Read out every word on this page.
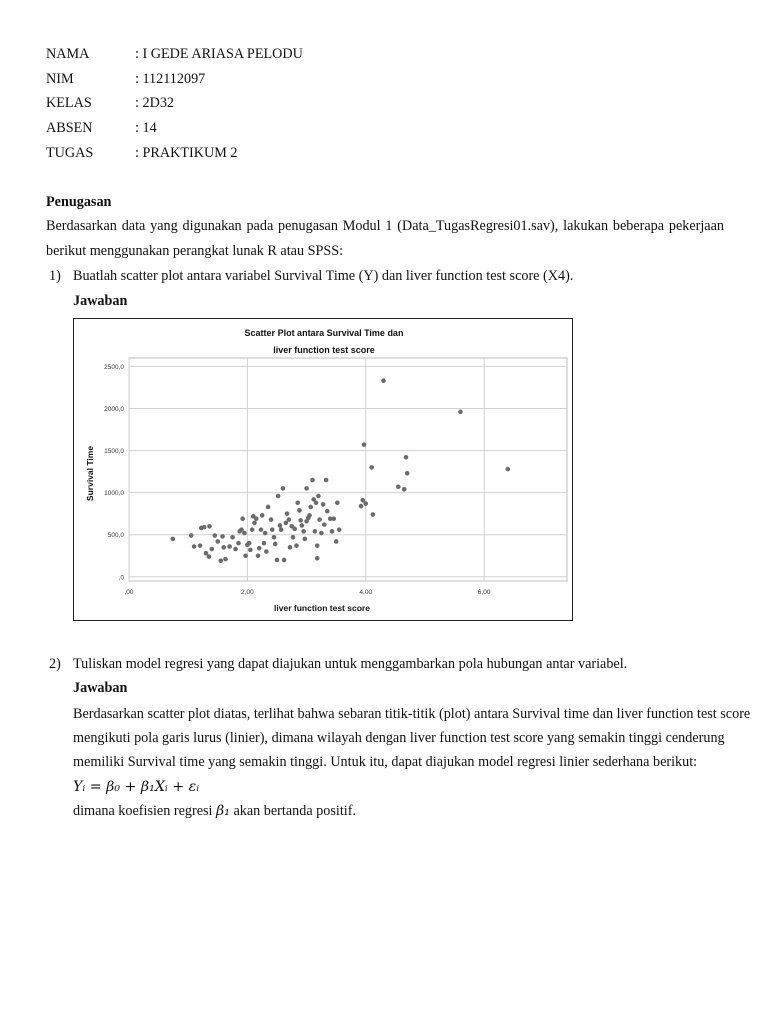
NAMA	: I GEDE ARIASA PELODU
NIM	: 112112097
KELAS	: 2D32
ABSEN	: 14
TUGAS	: PRAKTIKUM 2
Penugasan
Berdasarkan data yang digunakan pada penugasan Modul 1 (Data_TugasRegresi01.sav), lakukan beberapa pekerjaan
berikut menggunakan perangkat lunak R atau SPSS:
1) Buatlah scatter plot antara variabel Survival Time (Y) dan liver function test score (X4).
Jawaban
,00	2,00	4,00	6,00
,0
500,0
1000,0
1500,0
2000,0
2500,0
Scatter Plot antara Survival Time dan
liver function test score
liver function test score
Survival Time
2) Tuliskan model regresi yang dapat diajukan untuk menggambarkan pola hubungan antar variabel.
Jawaban
Berdasarkan scatter plot diatas, terlihat bahwa sebaran titik-titik (plot) antara Survival time dan liver function test score
mengikuti pola garis lurus (linier), dimana wilayah dengan liver function test score yang semakin tinggi cenderung
memiliki Survival time yang semakin tinggi. Untuk itu, dapat diajukan model regresi linier sederhana berikut:
Yᵢ = β₀ + β₁Xᵢ + εᵢ
dimana koefisien regresi β₁ akan bertanda positif.
